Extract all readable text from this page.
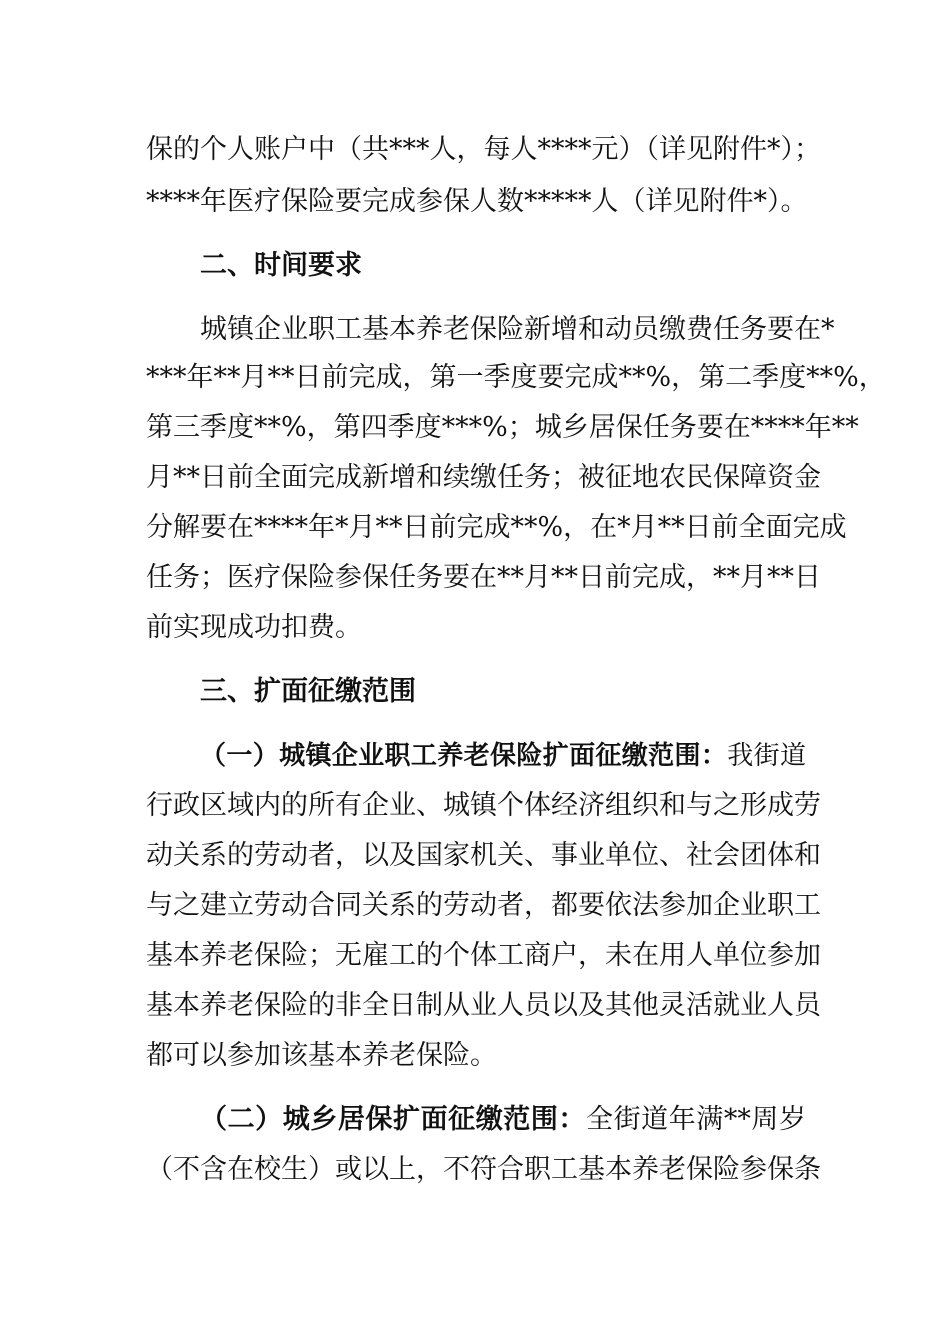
保的个人账户中（共***人，每人****元）（详见附件*）；
****年医疗保险要完成参保人数*****人（详见附件*）。
二、时间要求
城镇企业职工基本养老保险新增和动员缴费任务要在*
***年**月**日前完成，第一季度要完成**%，第二季度**%，
第三季度**%，第四季度***%；城乡居保任务要在****年**
月**日前全面完成新增和续缴任务；被征地农民保障资金
分解要在****年*月**日前完成**%，在*月**日前全面完成
任务；医疗保险参保任务要在**月**日前完成，**月**日
前实现成功扣费。
三、扩面征缴范围
（一）城镇企业职工养老保险扩面征缴范围：我街道
行政区域内的所有企业、城镇个体经济组织和与之形成劳
动关系的劳动者，以及国家机关、事业单位、社会团体和
与之建立劳动合同关系的劳动者，都要依法参加企业职工
基本养老保险；无雇工的个体工商户，未在用人单位参加
基本养老保险的非全日制从业人员以及其他灵活就业人员
都可以参加该基本养老保险。
（二）城乡居保扩面征缴范围：全街道年满**周岁
（不含在校生）或以上，不符合职工基本养老保险参保条
